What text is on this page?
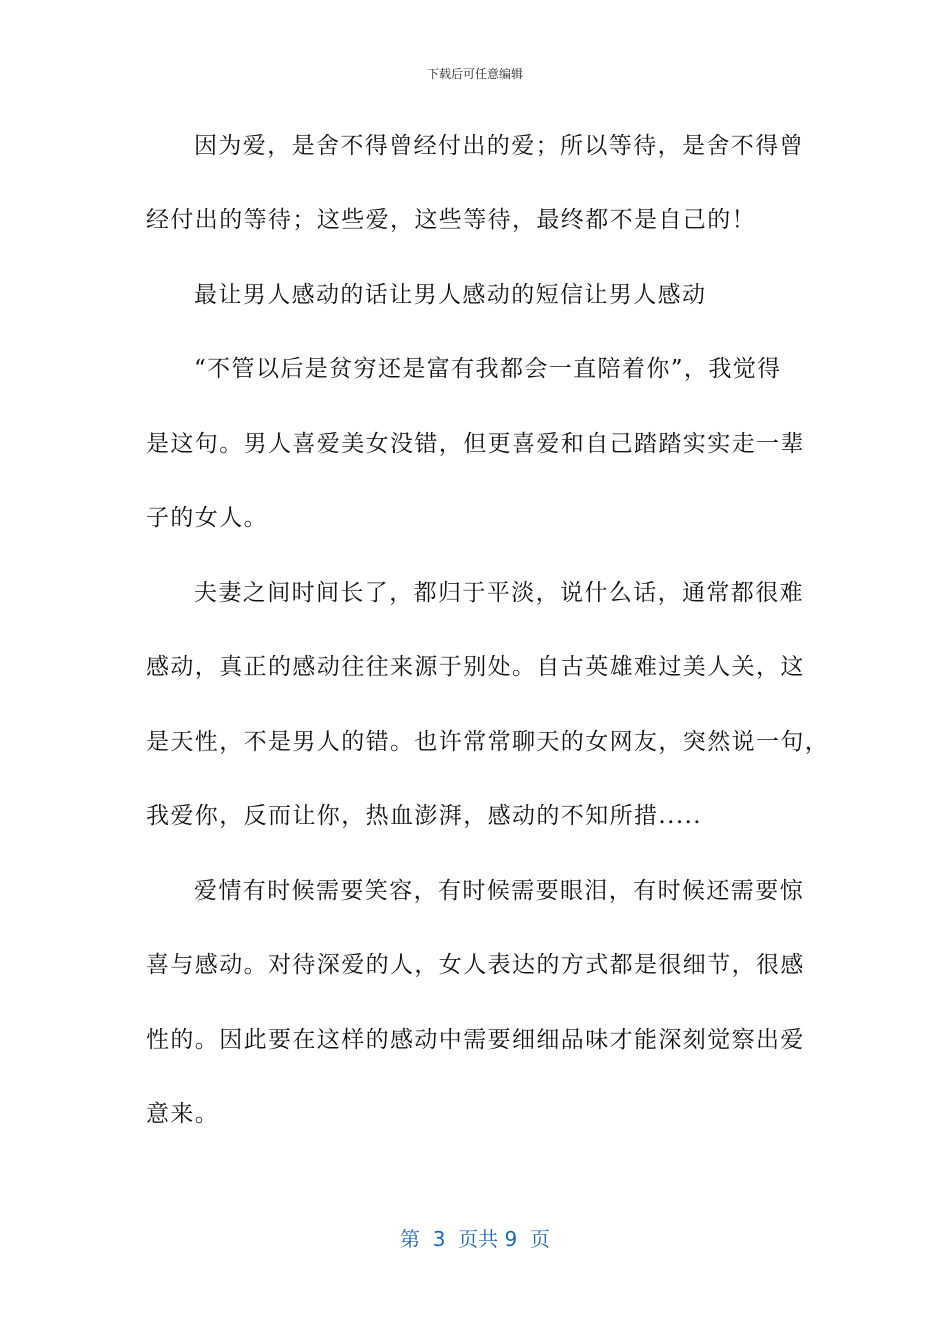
下载后可任意编辑
因为爱，是舍不得曾经付出的爱；所以等待，是舍不得曾
经付出的等待；这些爱，这些等待，最终都不是自己的！
最让男人感动的话让男人感动的短信让男人感动
“不管以后是贫穷还是富有我都会一直陪着你”，我觉得
是这句。男人喜爱美女没错，但更喜爱和自己踏踏实实走一辈
子的女人。
夫妻之间时间长了，都归于平淡，说什么话，通常都很难
感动，真正的感动往往来源于别处。自古英雄难过美人关，这
是天性，不是男人的错。也许常常聊天的女网友，突然说一句，
我爱你，反而让你，热血澎湃，感动的不知所措.....
爱情有时候需要笑容，有时候需要眼泪，有时候还需要惊
喜与感动。对待深爱的人，女人表达的方式都是很细节，很感
性的。因此要在这样的感动中需要细细品味才能深刻觉察出爱
意来。
第  3  页共 9  页
